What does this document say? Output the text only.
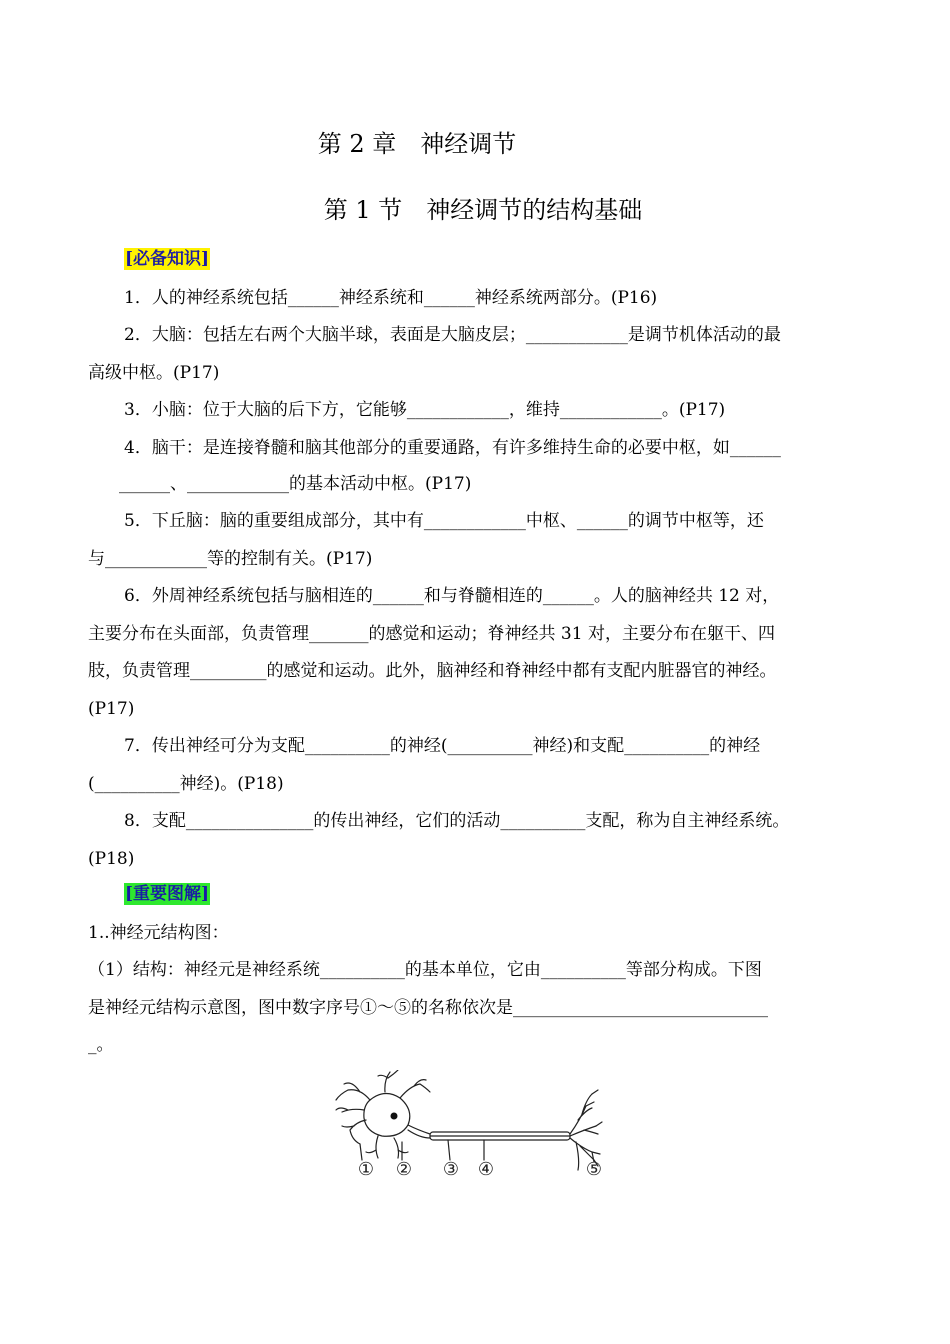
第 2 章　神经调节
第 1 节　神经调节的结构基础
[必备知识]
1．人的神经系统包括______神经系统和______神经系统两部分。(P16)
2．大脑：包括左右两个大脑半球，表面是大脑皮层；____________是调节机体活动的最
高级中枢。(P17)
3．小脑：位于大脑的后下方，它能够____________，维持____________。(P17)
4．脑干：是连接脊髓和脑其他部分的重要通路，有许多维持生命的必要中枢，如______
______、____________的基本活动中枢。(P17)
5．下丘脑：脑的重要组成部分，其中有____________中枢、______的调节中枢等，还
与____________等的控制有关。(P17)
6．外周神经系统包括与脑相连的______和与脊髓相连的______。人的脑神经共 12 对，
主要分布在头面部，负责管理_______的感觉和运动；脊神经共 31 对，主要分布在躯干、四
肢，负责管理_________的感觉和运动。此外，脑神经和脊神经中都有支配内脏器官的神经。
(P17)
7．传出神经可分为支配__________的神经(__________神经)和支配__________的神经
(__________神经)。(P18)
8．支配_______________的传出神经，它们的活动__________支配，称为自主神经系统。
(P18)
[重要图解]
1..神经元结构图：
（1）结构：神经元是神经系统__________的基本单位，它由__________等部分构成。下图
是神经元结构示意图，图中数字序号①～⑤的名称依次是______________________________
_。
① ② ③ ④	⑤
